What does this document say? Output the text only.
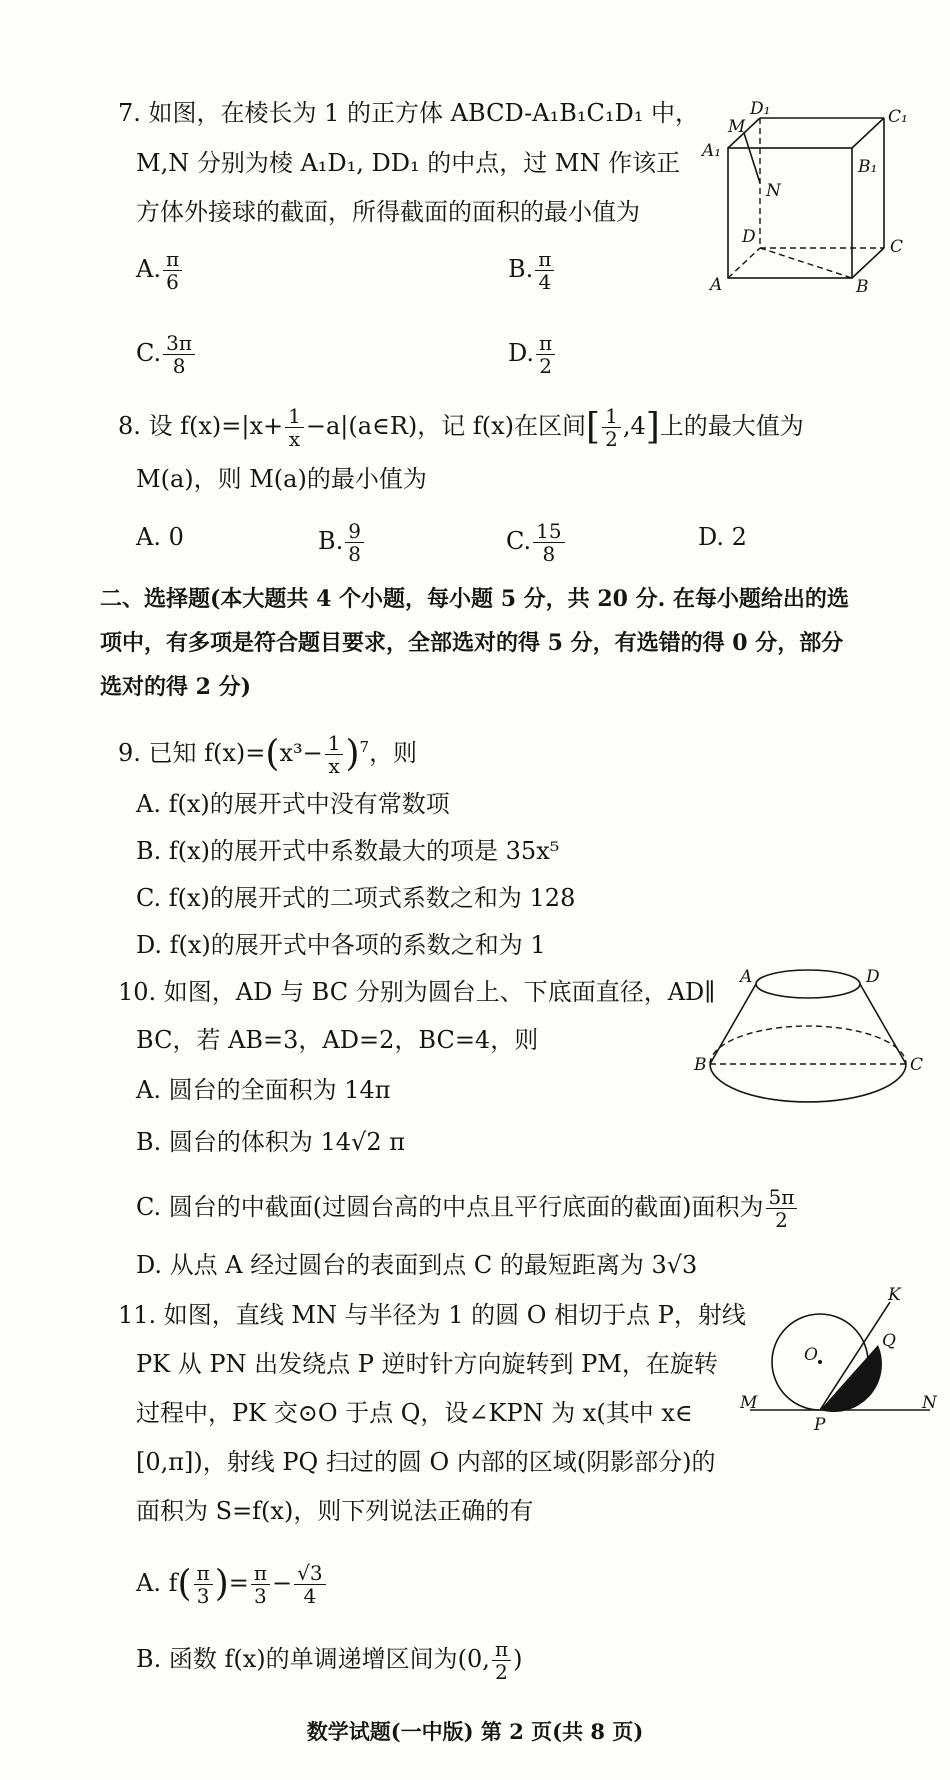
7. 如图，在棱长为 1 的正方体 ABCD-A₁B₁C₁D₁ 中，
M,N 分别为棱 A₁D₁, DD₁ 的中点，过 MN 作该正
方体外接球的截面，所得截面的面积的最小值为
A. $\frac{\pi}{6}$	B. $\frac{\pi}{4}$
C. $\frac{3\pi}{8}$	D. $\frac{\pi}{2}$
D₁	C₁
M
A₁
B₁
N
D	C
A	B
8. 设 $f(x)=|x+ \frac{1}{x}$ −a|(a∈R)，记 f(x)在区间[ $\frac{1}{2} ,4$]上的最大值为
M(a)，则 M(a)的最小值为
A. 0	B. $\frac{9}{8}$	C. $\frac{15}{8}$	D. 2
二、选择题(本大题共 4 个小题，每小题 5 分，共 20 分. 在每小题给出的选
项中，有多项是符合题目要求，全部选对的得 5 分，有选错的得 0 分，部分
选对的得 2 分)
9. 已知 $f(x)=(x^3- \frac{1}{x} )^7$，则
A. f(x)的展开式中没有常数项
B. f(x)的展开式中系数最大的项是 35x⁵
C. f(x)的展开式的二项式系数之和为 128
D. f(x)的展开式中各项的系数之和为 1
10. 如图，AD 与 BC 分别为圆台上、下底面直径，AD∥
BC，若 AB=3，AD=2，BC=4，则
A. 圆台的全面积为 14π
B. 圆台的体积为 14√2 π
C. 圆台的中截面(过圆台高的中点且平行底面的截面)面积为 $\frac{5\pi}{2}$
D. 从点 A 经过圆台的表面到点 C 的最短距离为 3√3
A	D
B	C
11. 如图，直线 MN 与半径为 1 的圆 O 相切于点 P，射线
PK 从 PN 出发绕点 P 逆时针方向旋转到 PM，在旋转
过程中，PK 交⊙O 于点 Q，设∠KPN 为 x(其中 x∈
[0,π])，射线 PQ 扫过的圆 O 内部的区域(阴影部分)的
面积为 S=f(x)，则下列说法正确的有
A. $f( \frac{\pi}{3}$ )= $\frac{\pi}{3} - \frac{√3}{4}$
B. 函数 f(x)的单调递增区间为(0, $\frac{\pi}{2}$ )
K
O
Q
M
P
N
数学试题(一中版) 第 2 页(共 8 页)
